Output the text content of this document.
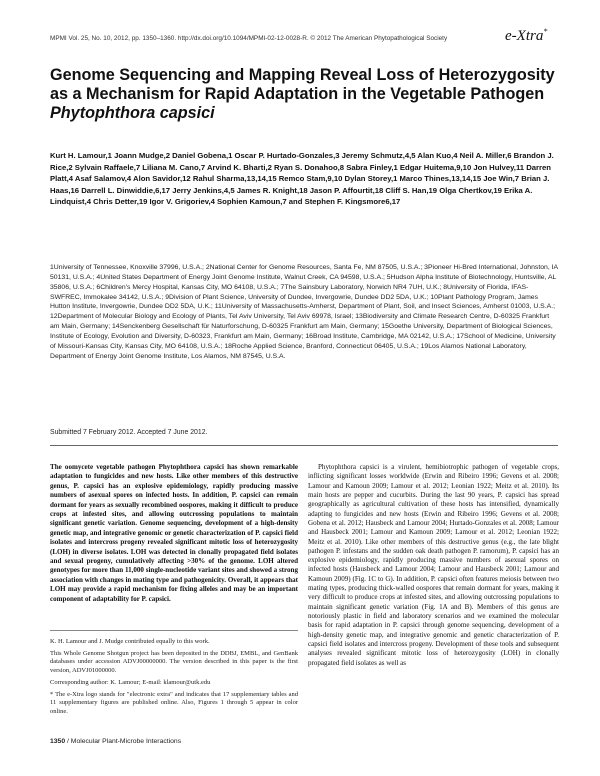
MPMI Vol. 25, No. 10, 2012, pp. 1350–1360. http://dx.doi.org/10.1094/MPMI-02-12-0028-R. © 2012 The American Phytopathological Society	e-Xtra*
Genome Sequencing and Mapping Reveal Loss of Heterozygosity as a Mechanism for Rapid Adaptation in the Vegetable Pathogen Phytophthora capsici
Kurt H. Lamour,1 Joann Mudge,2 Daniel Gobena,1 Oscar P. Hurtado-Gonzales,3 Jeremy Schmutz,4,5 Alan Kuo,4 Neil A. Miller,6 Brandon J. Rice,2 Sylvain Raffaele,7 Liliana M. Cano,7 Arvind K. Bharti,2 Ryan S. Donahoo,8 Sabra Finley,1 Edgar Huitema,9,10 Jon Hulvey,11 Darren Platt,4 Asaf Salamov,4 Alon Savidor,12 Rahul Sharma,13,14,15 Remco Stam,9,10 Dylan Storey,1 Marco Thines,13,14,15 Joe Win,7 Brian J. Haas,16 Darrell L. Dinwiddie,6,17 Jerry Jenkins,4,5 James R. Knight,18 Jason P. Affourtit,18 Cliff S. Han,19 Olga Chertkov,19 Erika A. Lindquist,4 Chris Detter,19 Igor V. Grigoriev,4 Sophien Kamoun,7 and Stephen F. Kingsmore6,17
1University of Tennessee, Knoxville 37996, U.S.A.; 2National Center for Genome Resources, Santa Fe, NM 87505, U.S.A.; 3Pioneer Hi-Bred International, Johnston, IA 50131, U.S.A.; 4United States Department of Energy Joint Genome Institute, Walnut Creek, CA 94598, U.S.A.; 5Hudson Alpha Institute of Biotechnology, Huntsville, AL 35806, U.S.A.; 6Children's Mercy Hospital, Kansas City, MO 64108, U.S.A.; 7The Sainsbury Laboratory, Norwich NR4 7UH, U.K.; 8University of Florida, IFAS-SWFREC, Immokalee 34142, U.S.A.; 9Division of Plant Science, University of Dundee, Invergowrie, Dundee DD2 5DA, U.K.; 10Plant Pathology Program, James Hutton Institute, Invergowrie, Dundee DD2 5DA, U.K.; 11University of Massachusetts-Amherst, Department of Plant, Soil, and Insect Sciences, Amherst 01003, U.S.A.; 12Department of Molecular Biology and Ecology of Plants, Tel Aviv University, Tel Aviv 69978, Israel; 13Biodiversity and Climate Research Centre, D-60325 Frankfurt am Main, Germany; 14Senckenberg Gesellschaft für Naturforschung, D-60325 Frankfurt am Main, Germany; 15Goethe University, Department of Biological Sciences, Institute of Ecology, Evolution and Diversity, D-60323, Frankfurt am Main, Germany; 16Broad Institute, Cambridge, MA 02142, U.S.A.; 17School of Medicine, University of Missouri-Kansas City, Kansas City, MO 64108, U.S.A.; 18Roche Applied Science, Branford, Connecticut 06405, U.S.A.; 19Los Alamos National Laboratory, Department of Energy Joint Genome Institute, Los Alamos, NM 87545, U.S.A.
Submitted 7 February 2012. Accepted 7 June 2012.
The oomycete vegetable pathogen Phytophthora capsici has shown remarkable adaptation to fungicides and new hosts. Like other members of this destructive genus, P. capsici has an explosive epidemiology, rapidly producing massive numbers of asexual spores on infected hosts. In addition, P. capsici can remain dormant for years as sexually recombined oospores, making it difficult to produce crops at infested sites, and allowing outcrossing populations to maintain significant genetic variation. Genome sequencing, development of a high-density genetic map, and integrative genomic or genetic characterization of P. capsici field isolates and intercross progeny revealed significant mitotic loss of heterozygosity (LOH) in diverse isolates. LOH was detected in clonally propagated field isolates and sexual progeny, cumulatively affecting >30% of the genome. LOH altered genotypes for more than 11,000 single-nucleotide variant sites and showed a strong association with changes in mating type and pathogenicity. Overall, it appears that LOH may provide a rapid mechanism for fixing alleles and may be an important component of adaptability for P. capsici.

K. H. Lamour and J. Mudge contributed equally to this work.

This Whole Genome Shotgun project has been deposited in the DDBJ, EMBL, and GenBank databases under accession ADVJ00000000. The version described in this paper is the first version, ADVJ01000000.

Corresponding author: K. Lamour; E-mail: klamour@utk.edu

* The e-Xtra logo stands for "electronic extra" and indicates that 17 supplementary tables and 11 supplementary figures are published online. Also, Figures 1 through 5 appear in color online.

Phytophthora capsici is a virulent, hemibiotrophic pathogen of vegetable crops, inflicting significant losses worldwide (Erwin and Ribeiro 1996; Gevens et al. 2008; Lamour and Kamoun 2009; Lamour et al. 2012; Leonian 1922; Meitz et al. 2010). Its main hosts are pepper and cucurbits. During the last 90 years, P. capsici has spread geographically as agricultural cultivation of these hosts has intensified, dynamically adapting to fungicides and new hosts (Erwin and Ribeiro 1996; Gevens et al. 2008; Gobena et al. 2012; Hausbeck and Lamour 2004; Hurtado-Gonzales et al. 2008; Lamour and Hausbeck 2001; Lamour and Kamoun 2009; Lamour et al. 2012; Leonian 1922; Meitz et al. 2010). Like other members of this destructive genus (e.g., the late blight pathogen P. infestans and the sudden oak death pathogen P. ramorum), P. capsici has an explosive epidemiology, rapidly producing massive numbers of asexual spores on infected hosts (Hausbeck and Lamour 2004; Lamour and Hausbeck 2001; Lamour and Kamoun 2009) (Fig. 1C to G). In addition, P. capsici often features meiosis between two mating types, producing thick-walled oospores that remain dormant for years, making it very difficult to produce crops at infested sites, and allowing outcrossing populations to maintain significant genetic variation (Fig. 1A and B). Members of this genus are notoriously plastic in field and laboratory scenarios and we examined the molecular basis for rapid adaptation in P. capsici through genome sequencing, development of a high-density genetic map, and integrative genomic and genetic characterization of P. capsici field isolates and intercross progeny. Development of these tools and subsequent analyses revealed significant mitotic loss of heterozygosity (LOH) in clonally propagated field isolates as well as

1350 / Molecular Plant-Microbe Interactions
